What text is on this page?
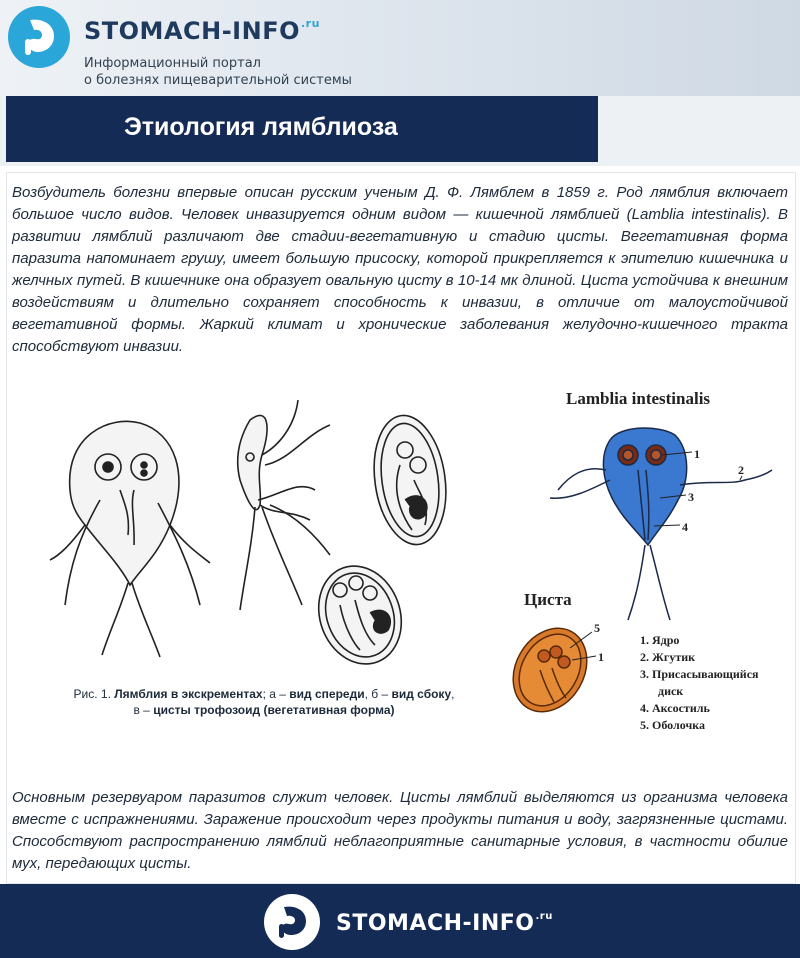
STOMACH-$INFO^{.ru}$
Информационный портал
о болезнях пищеварительной системы
Этиология лямблиоза

Возбудитель болезни впервые описан русским ученым Д. Ф. Лямблем в 1859 г. Род лямблия включает большое число видов. Человек инвазируется одним видом — кишечной лямблией (Lamblia intestinalis). В развитии лямблий различают две стадии-вегетативную и стадию цисты. Вегетативная форма паразита напоминает грушу, имеет большую присоску, которой прикрепляется к эпителию кишечника и желчных путей. В кишечнике она образует овальную цисту в 10-14 мк длиной. Циста устойчива к внешним воздействиям и длительно сохраняет способность к инвазии, в отличие от малоустойчивой вегетативной формы. Жаркий климат и хронические заболевания желудочно-кишечного тракта способствуют инвазии.

Рис. 1. Лямблия в экскрементах; а – вид спереди, б – вид сбоку,
в – цисты трофозоид (вегетативная форма)
Lamblia intestinalis
Циста
1
2
3
4
5
1
1. Ядро
2. Жгутик
3. Присасывающийся
диск
4. Аксостиль
5. Оболочка

Основным резервуаром паразитов служит человек. Цисты лямблий выделяются из организма человека вместе с испражнениями. Заражение происходит через продукты питания и воду, загрязненные цистами. Способствуют распространению лямблий неблагоприятные санитарные условия, в частности обилие мух, передающих цисты.

STOMACH-$INFO^{.ru}$
